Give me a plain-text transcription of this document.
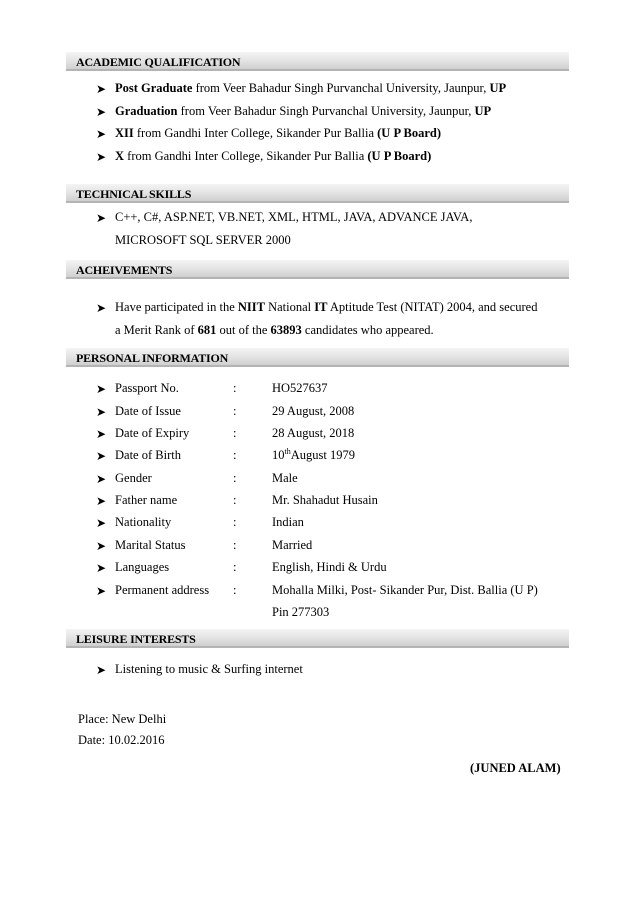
ACADEMIC QUALIFICATION
➤ Post Graduate from Veer Bahadur Singh Purvanchal University, Jaunpur, UP
➤ Graduation from Veer Bahadur Singh Purvanchal University, Jaunpur, UP
➤ XII from Gandhi Inter College, Sikander Pur Ballia (U P Board)
➤ X from Gandhi Inter College, Sikander Pur Ballia (U P Board)
TECHNICAL SKILLS
➤ C++, C#, ASP.NET, VB.NET, XML, HTML, JAVA, ADVANCE JAVA,
MICROSOFT SQL SERVER 2000
ACHEIVEMENTS
➤ Have participated in the NIIT National IT Aptitude Test (NITAT) 2004, and secured
a Merit Rank of 681 out of the 63893 candidates who appeared.
PERSONAL INFORMATION
➤ Passport No.	:	HO527637
➤ Date of Issue	:	29 August, 2008
➤ Date of Expiry	:	28 August, 2018
➤ Date of Birth	:	10thAugust 1979
➤ Gender	:	Male
➤ Father name	:	Mr. Shahadut Husain
➤ Nationality	:	Indian
➤ Marital Status	:	Married
➤ Languages	:	English, Hindi & Urdu
➤ Permanent address :	Mohalla Milki, Post- Sikander Pur, Dist. Ballia (U P)
Pin 277303
LEISURE INTERESTS
➤ Listening to music & Surfing internet
Place: New Delhi
Date: 10.02.2016
(JUNED ALAM)
